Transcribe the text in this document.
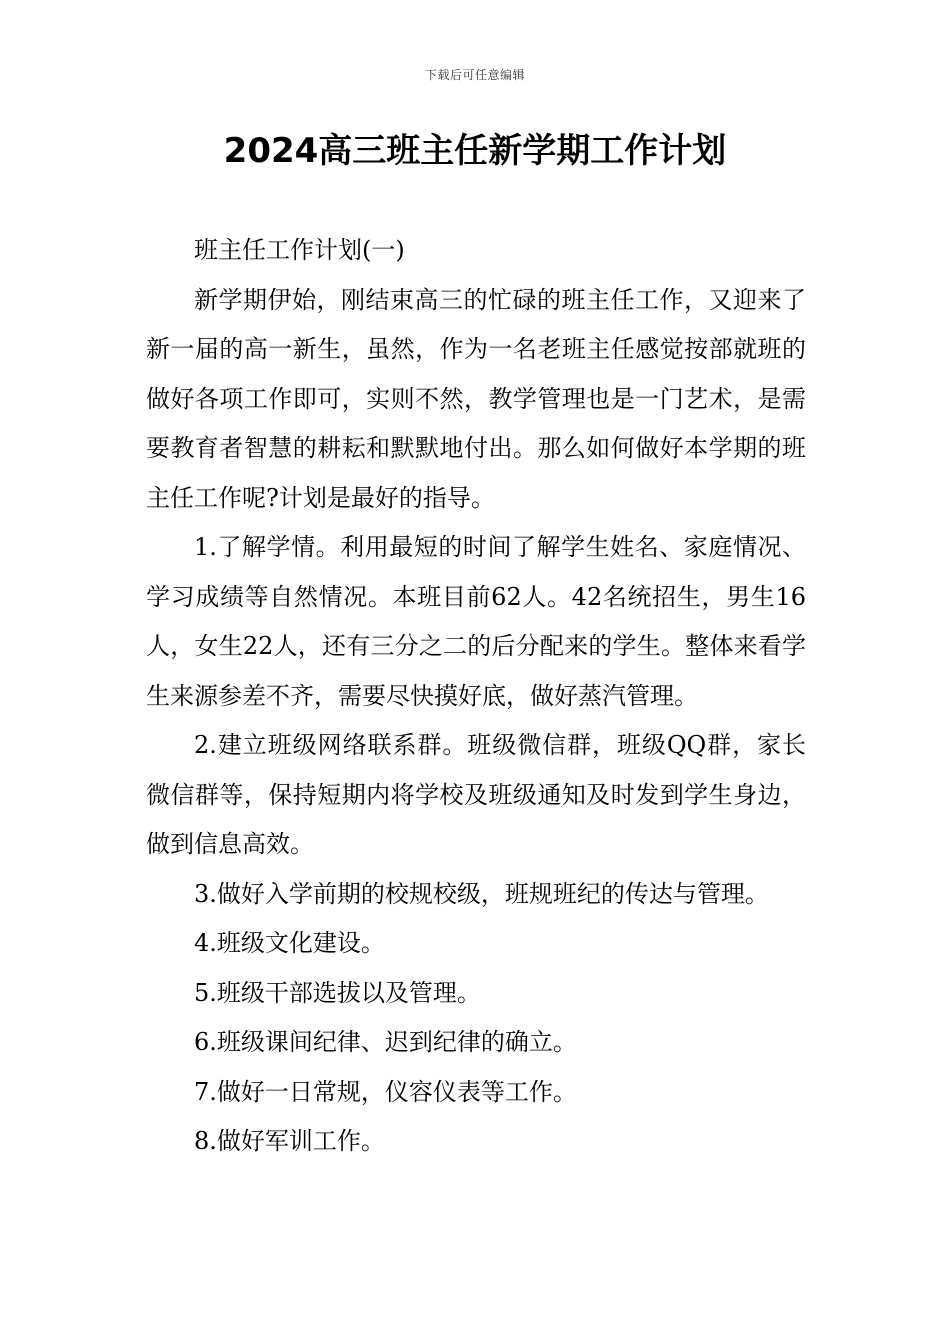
下载后可任意编辑
2024高三班主任新学期工作计划

班主任工作计划(一)

新学期伊始，刚结束高三的忙碌的班主任工作，又迎来了新一届的高一新生，虽然，作为一名老班主任感觉按部就班的做好各项工作即可，实则不然，教学管理也是一门艺术，是需要教育者智慧的耕耘和默默地付出。那么如何做好本学期的班主任工作呢?计划是最好的指导。

1.了解学情。利用最短的时间了解学生姓名、家庭情况、学习成绩等自然情况。本班目前62人。42名统招生，男生16人，女生22人，还有三分之二的后分配来的学生。整体来看学生来源参差不齐，需要尽快摸好底，做好蒸汽管理。

2.建立班级网络联系群。班级微信群，班级QQ群，家长微信群等，保持短期内将学校及班级通知及时发到学生身边，做到信息高效。

3.做好入学前期的校规校级，班规班纪的传达与管理。

4.班级文化建设。

5.班级干部选拔以及管理。

6.班级课间纪律、迟到纪律的确立。

7.做好一日常规，仪容仪表等工作。

8.做好军训工作。
